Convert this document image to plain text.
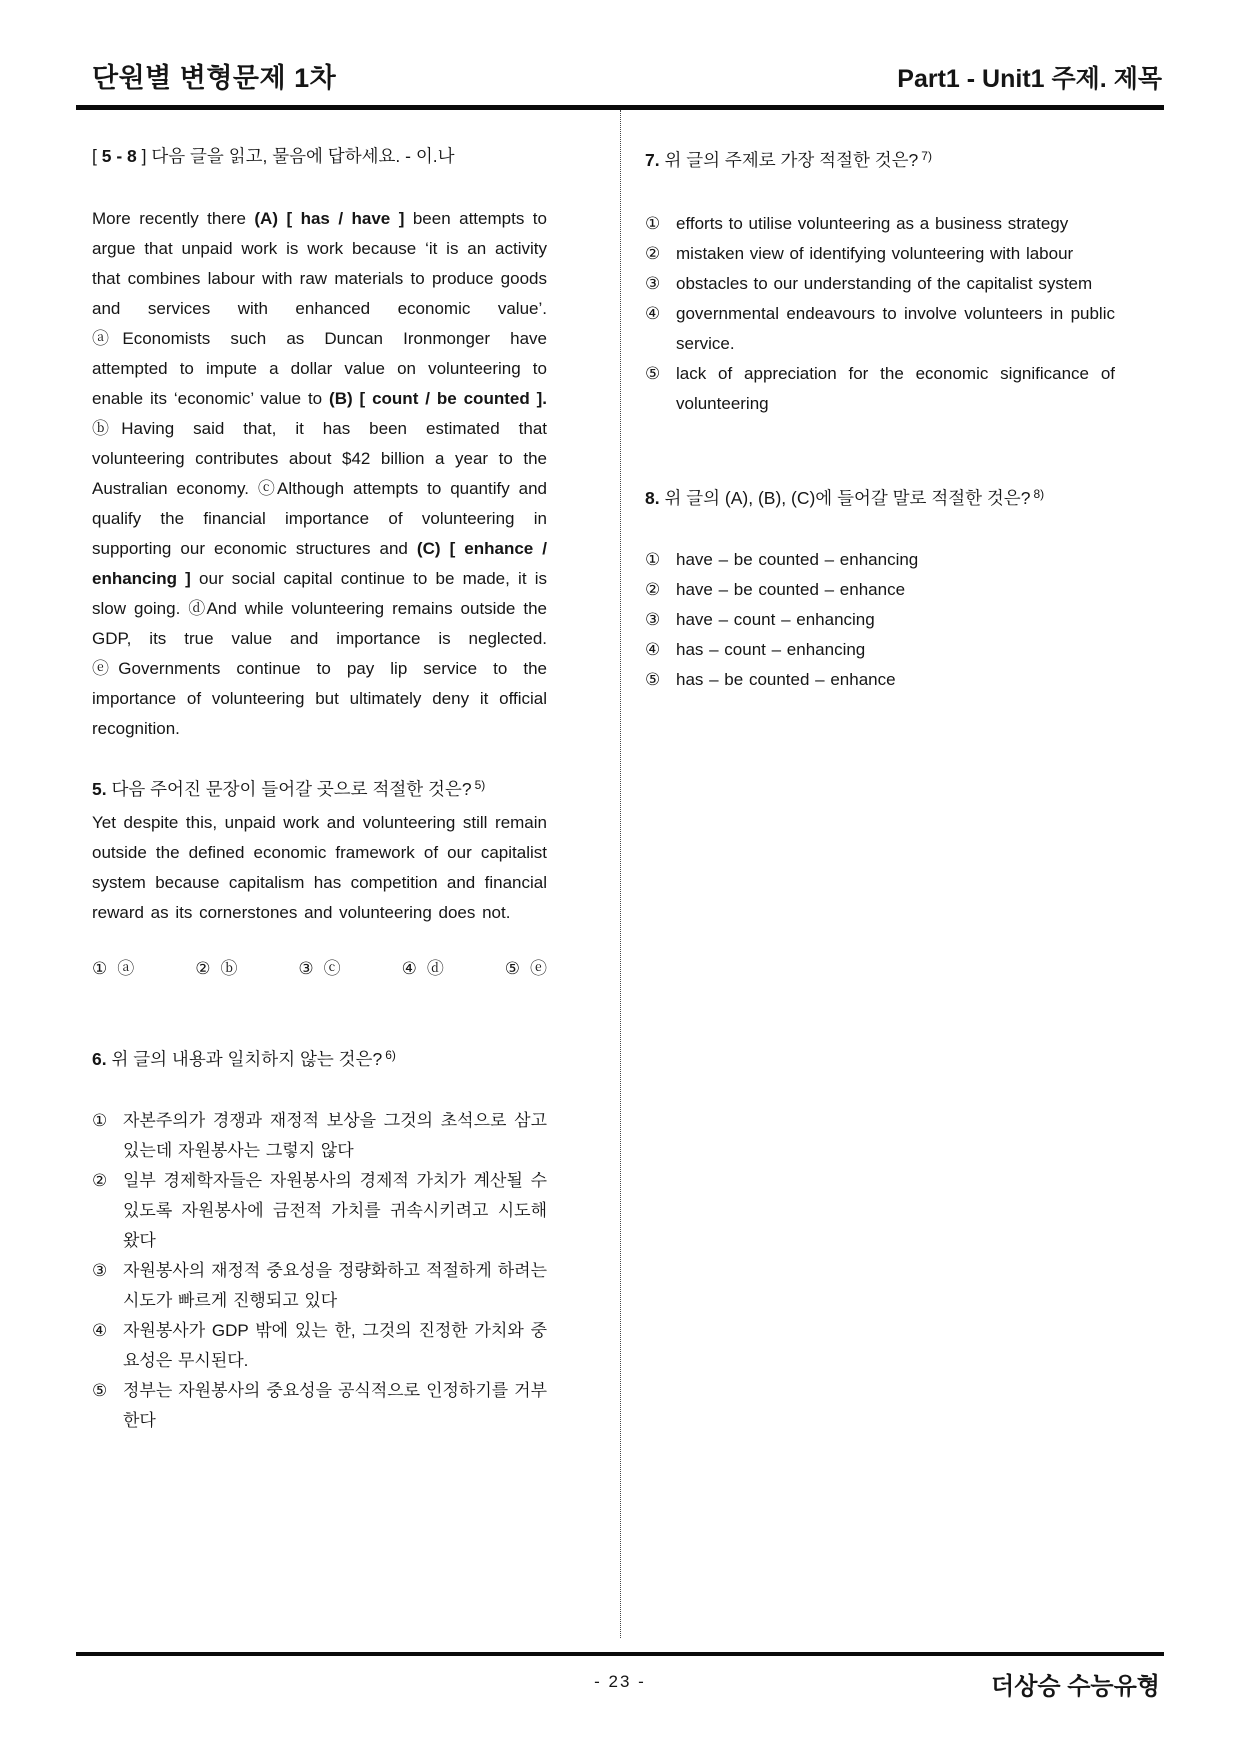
단원별 변형문제 1차	Part1 - Unit1 주제. 제목
[ 5 - 8 ] 다음 글을 읽고, 물음에 답하세요. - 이.나

More recently there (A) [ has / have ] been attempts to argue that unpaid work is work because ‘it is an activity that combines labour with raw materials to produce goods and services with enhanced economic value’. ⓐEconomists such as Duncan Ironmonger have attempted to impute a dollar value on volunteering to enable its ‘economic’ value to (B) [ count / be counted ]. ⓑHaving said that, it has been estimated that volunteering contributes about $42 billion a year to the Australian economy. ⓒAlthough attempts to quantify and qualify the financial importance of volunteering in supporting our economic structures and (C) [ enhance / enhancing ] our social capital continue to be made, it is slow going. ⓓAnd while volunteering remains outside the GDP, its true value and importance is neglected. ⓔGovernments continue to pay lip service to the importance of volunteering but ultimately deny it official recognition.

5. 다음 주어진 문장이 들어갈 곳으로 적절한 것은? $^{5)}$

Yet despite this, unpaid work and volunteering still remain outside the defined economic framework of our capitalist system because capitalism has competition and financial reward as its cornerstones and volunteering does not.

① ⓐ	② ⓑ	③ ⓒ	④ ⓓ	⑤ ⓔ
6. 위 글의 내용과 일치하지 않는 것은? $^{6)}$
① 자본주의가 경쟁과 재정적 보상을 그것의 초석으로 삼고 있는데 자원봉사는 그렇지 않다
② 일부 경제학자들은 자원봉사의 경제적 가치가 계산될 수 있도록 자원봉사에 금전적 가치를 귀속시키려고 시도해 왔다
③ 자원봉사의 재정적 중요성을 정량화하고 적절하게 하려는 시도가 빠르게 진행되고 있다
④ 자원봉사가 GDP 밖에 있는 한, 그것의 진정한 가치와 중요성은 무시된다.
⑤ 정부는 자원봉사의 중요성을 공식적으로 인정하기를 거부한다
7. 위 글의 주제로 가장 적절한 것은? $^{7)}$
① efforts to utilise volunteering as a business strategy
② mistaken view of identifying volunteering with labour
③ obstacles to our understanding of the capitalist system
④ governmental endeavours to involve volunteers in public service.
⑤ lack of appreciation for the economic significance of volunteering
8. 위 글의 (A), (B), (C)에 들어갈 말로 적절한 것은? $^{8)}$
① have – be counted – enhancing
② have – be counted – enhance
③ have – count – enhancing
④ has – count – enhancing
⑤ has – be counted – enhance
더상승 수능유형
- 23 -
